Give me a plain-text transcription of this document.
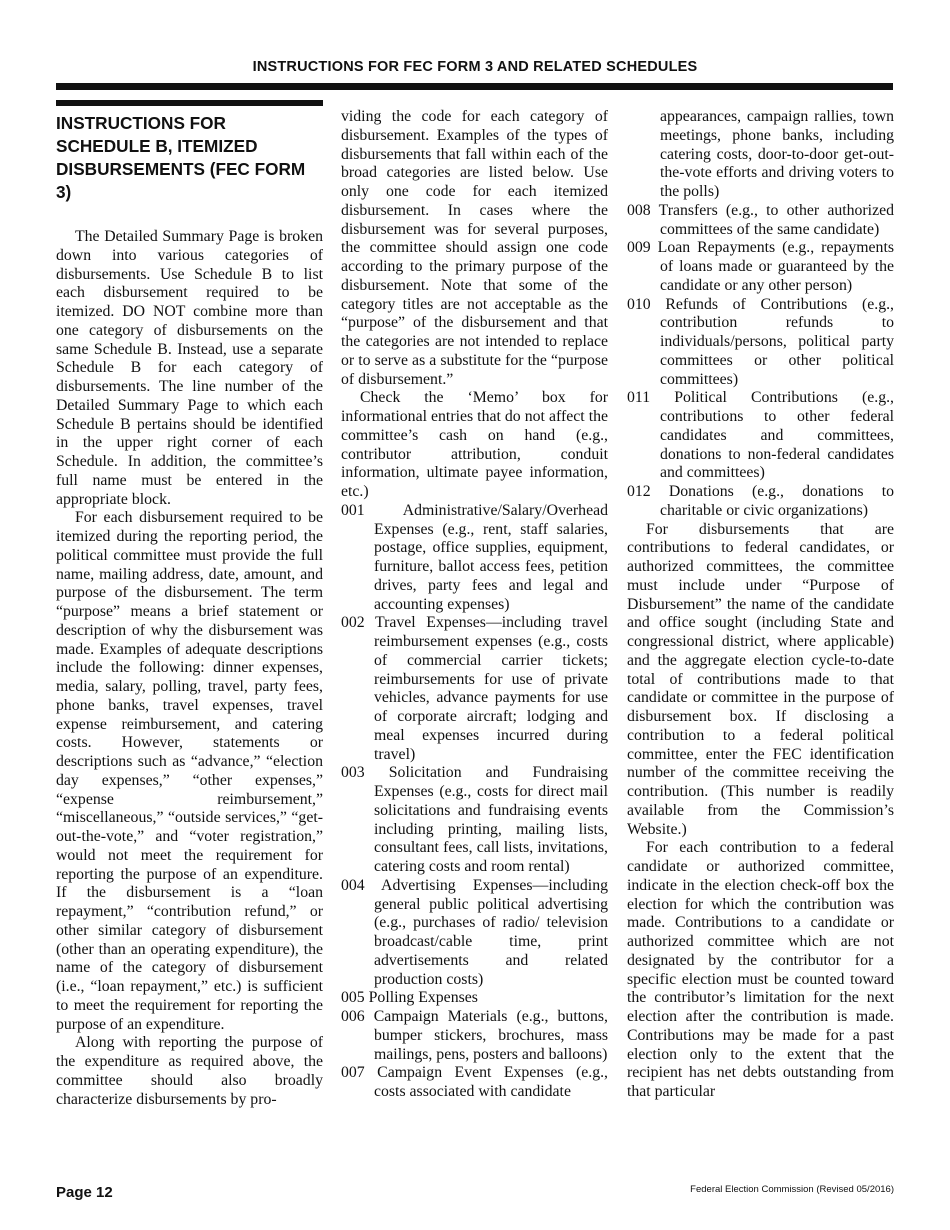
INSTRUCTIONS FOR FEC FORM 3 AND RELATED SCHEDULES
INSTRUCTIONS FOR SCHEDULE B, ITEMIZED DISBURSEMENTS (FEC FORM 3)

The Detailed Summary Page is broken down into various categories of disbursements. Use Schedule B to list each disbursement required to be itemized. DO NOT combine more than one category of disbursements on the same Schedule B. Instead, use a separate Schedule B for each category of disbursements. The line number of the Detailed Summary Page to which each Schedule B pertains should be identified in the upper right corner of each Schedule. In addition, the committee’s full name must be entered in the appropriate block.

For each disbursement required to be itemized during the reporting period, the political committee must provide the full name, mailing address, date, amount, and purpose of the disbursement. The term “purpose” means a brief statement or description of why the disbursement was made. Examples of adequate descriptions include the following: dinner expenses, media, salary, polling, travel, party fees, phone banks, travel expenses, travel expense reimbursement, and catering costs. However, statements or descriptions such as “advance,” “election day expenses,” “other expenses,” “expense reimbursement,” “miscellaneous,” “outside services,” “get-out-the-vote,” and “voter registration,” would not meet the requirement for reporting the purpose of an expenditure. If the disbursement is a “loan repayment,” “contribution refund,” or other similar category of disbursement (other than an operating expenditure), the name of the category of disbursement (i.e., “loan repayment,” etc.) is sufficient to meet the requirement for reporting the purpose of an expenditure.

Along with reporting the purpose of the expenditure as required above, the committee should also broadly characterize disbursements by pro-

viding the code for each category of disbursement. Examples of the types of disbursements that fall within each of the broad categories are listed below. Use only one code for each itemized disbursement. In cases where the disbursement was for several purposes, the committee should assign one code according to the primary purpose of the disbursement. Note that some of the category titles are not acceptable as the “purpose” of the disbursement and that the categories are not intended to replace or to serve as a substitute for the “purpose of disbursement.”

Check the ‘Memo’ box for informational entries that do not affect the committee’s cash on hand (e.g., contributor attribution, conduit information, ultimate payee information, etc.)

001 Administrative/Salary/Overhead Expenses (e.g., rent, staff salaries, postage, office supplies, equipment, furniture, ballot access fees, petition drives, party fees and legal and accounting expenses)

002 Travel Expenses—including travel reimbursement expenses (e.g., costs of commercial carrier tickets; reimbursements for use of private vehicles, advance payments for use of corporate aircraft; lodging and meal expenses incurred during travel)

003 Solicitation and Fundraising Expenses (e.g., costs for direct mail solicitations and fundraising events including printing, mailing lists, consultant fees, call lists, invitations, catering costs and room rental)

004 Advertising Expenses—including general public political advertising (e.g., purchases of radio/ television broadcast/cable time, print advertisements and related production costs)

005 Polling Expenses

006 Campaign Materials (e.g., buttons, bumper stickers, brochures, mass mailings, pens, posters and balloons)

007 Campaign Event Expenses (e.g., costs associated with candidate

appearances, campaign rallies, town meetings, phone banks, including catering costs, door-to-door get-out-the-vote efforts and driving voters to the polls)

008 Transfers (e.g., to other authorized committees of the same candidate)

009 Loan Repayments (e.g., repayments of loans made or guaranteed by the candidate or any other person)

010 Refunds of Contributions (e.g., contribution refunds to individuals/persons, political party committees or other political committees)

011 Political Contributions (e.g., contributions to other federal candidates and committees, donations to non-federal candidates and committees)

012 Donations (e.g., donations to charitable or civic organizations)

For disbursements that are contributions to federal candidates, or authorized committees, the committee must include under “Purpose of Disbursement” the name of the candidate and office sought (including State and congressional district, where applicable) and the aggregate election cycle-to-date total of contributions made to that candidate or committee in the purpose of disbursement box. If disclosing a contribution to a federal political committee, enter the FEC identification number of the committee receiving the contribution. (This number is readily available from the Commission’s Website.)

For each contribution to a federal candidate or authorized committee, indicate in the election check-off box the election for which the contribution was made. Contributions to a candidate or authorized committee which are not designated by the contributor for a specific election must be counted toward the contributor’s limitation for the next election after the contribution is made. Contributions may be made for a past election only to the extent that the recipient has net debts outstanding from that particular

Page 12	Federal Election Commission (Revised 05/2016)
